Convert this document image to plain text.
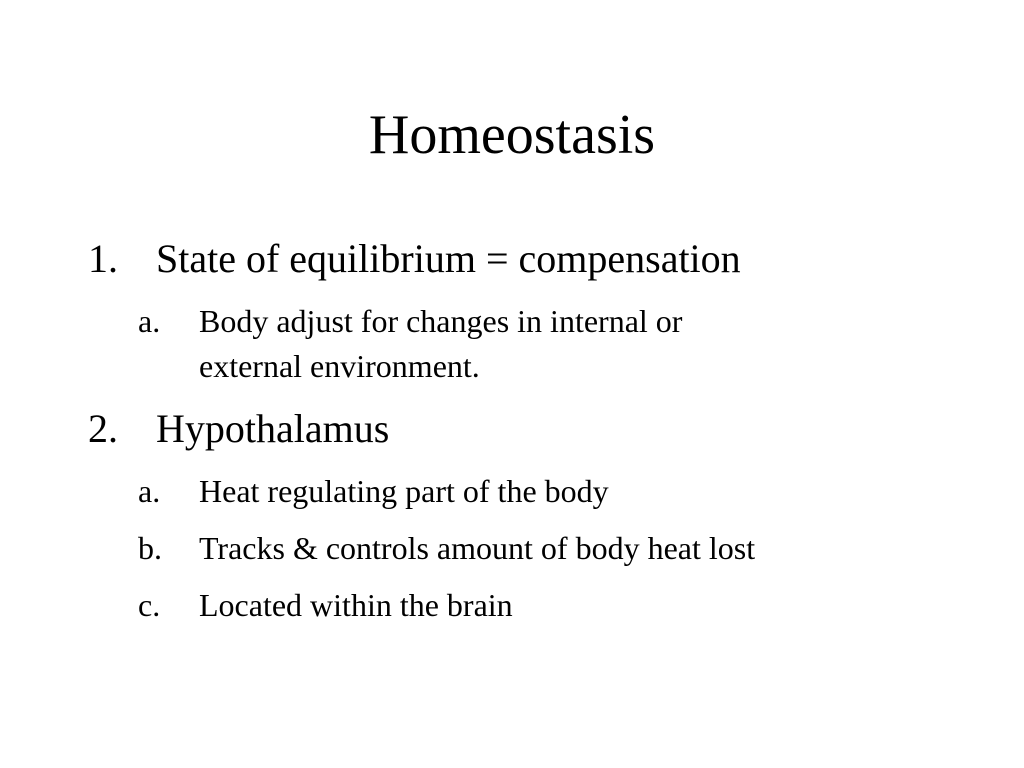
Homeostasis
1. State of equilibrium = compensation
a. Body adjust for changes in internal or
external environment.
2. Hypothalamus
a. Heat regulating part of the body
b. Tracks & controls amount of body heat lost
c. Located within the brain
